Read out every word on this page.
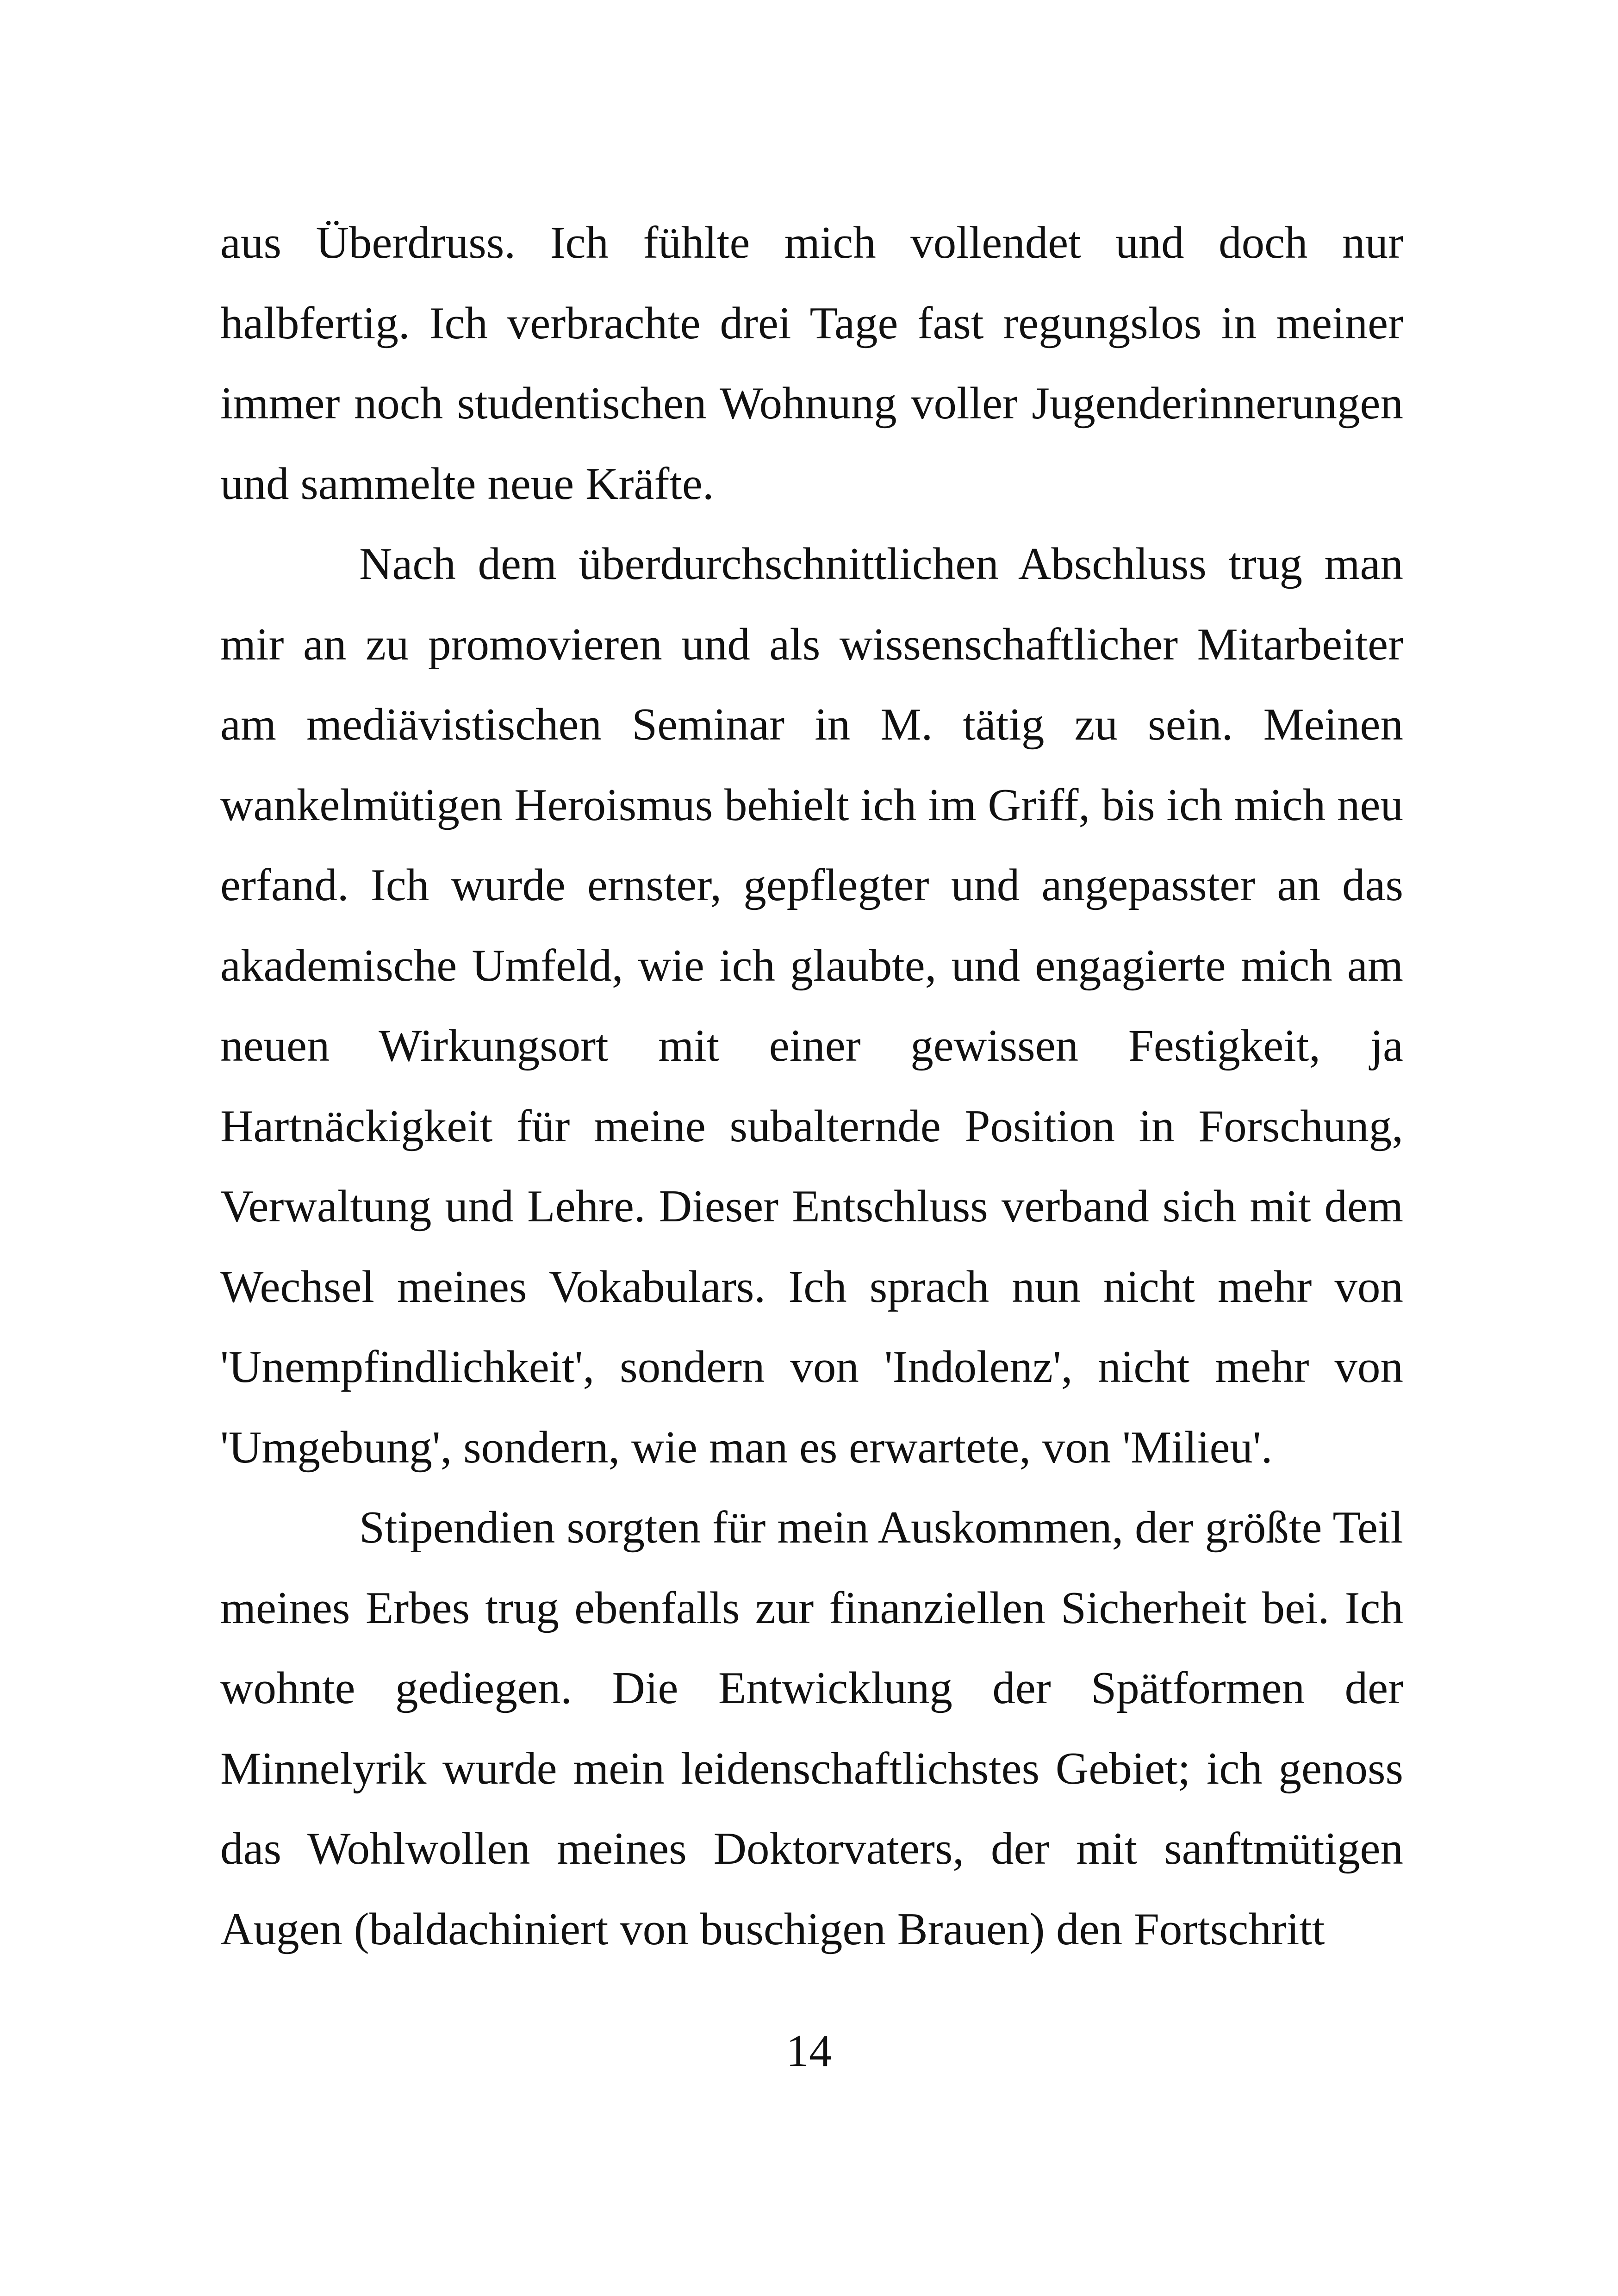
aus Überdruss. Ich fühlte mich vollendet und doch nur halbfertig. Ich verbrachte drei Tage fast regungslos in meiner immer noch studentischen Wohnung voller Jugenderinnerungen und sammelte neue Kräfte.

Nach dem überdurchschnittlichen Abschluss trug man mir an zu promovieren und als wissenschaftlicher Mitarbeiter am mediävistischen Seminar in M. tätig zu sein. Meinen wankelmütigen Heroismus behielt ich im Griff, bis ich mich neu erfand. Ich wurde ernster, gepflegter und angepasster an das akademische Umfeld, wie ich glaubte, und engagierte mich am neuen Wirkungsort mit einer gewissen Festigkeit, ja Hartnäckigkeit für meine subalternde Position in Forschung, Verwaltung und Lehre. Dieser Entschluss verband sich mit dem Wechsel meines Vokabulars. Ich sprach nun nicht mehr von 'Unempfindlichkeit', sondern von 'Indolenz', nicht mehr von 'Umgebung', sondern, wie man es erwartete, von 'Milieu'.

Stipendien sorgten für mein Auskommen, der größte Teil meines Erbes trug ebenfalls zur finanziellen Sicherheit bei. Ich wohnte gediegen. Die Entwicklung der Spätformen der Minnelyrik wurde mein leidenschaftlichstes Gebiet; ich genoss das Wohlwollen meines Doktorvaters, der mit sanftmütigen Augen (baldachiniert von buschigen Brauen) den Fortschritt

14
